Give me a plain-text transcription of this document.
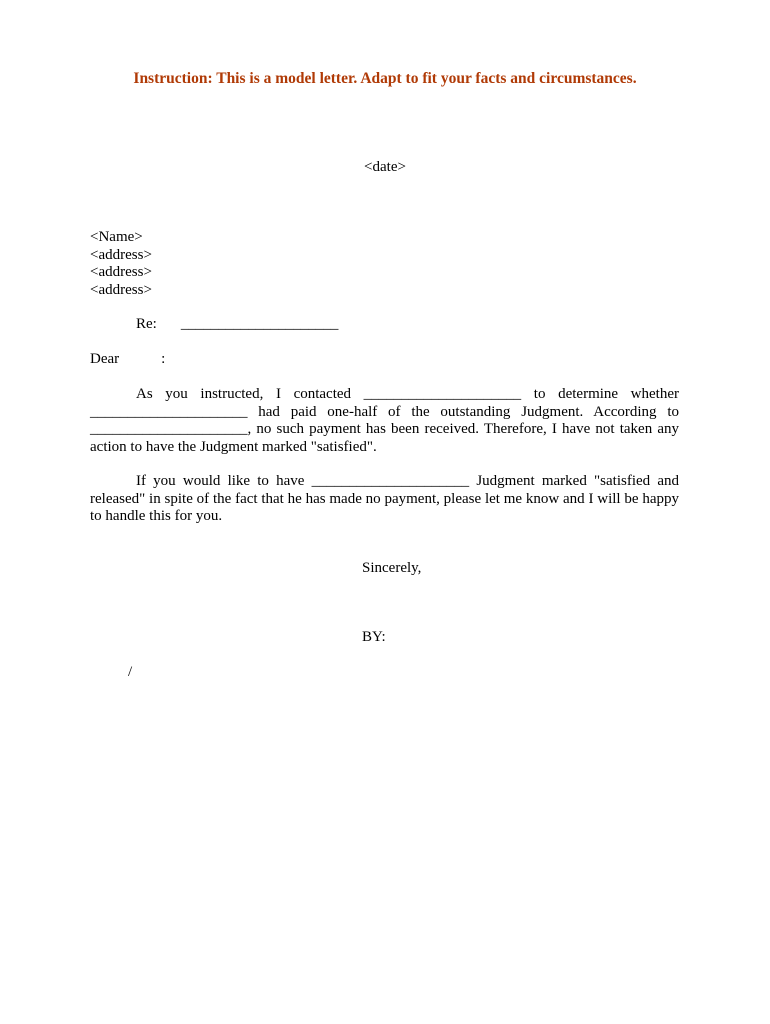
Instruction: This is a model letter. Adapt to fit your facts and circumstances.
<date>
<Name>
<address>
<address>
<address>
Re: _____________________
Dear	:
As you instructed, I contacted _____________________ to determine whether _____________________ had paid one-half of the outstanding Judgment. According to _____________________, no such payment has been received. Therefore, I have not taken any action to have the Judgment marked "satisfied".
If you would like to have _____________________ Judgment marked "satisfied and released" in spite of the fact that he has made no payment, please let me know and I will be happy to handle this for you.
Sincerely,
BY:
/
